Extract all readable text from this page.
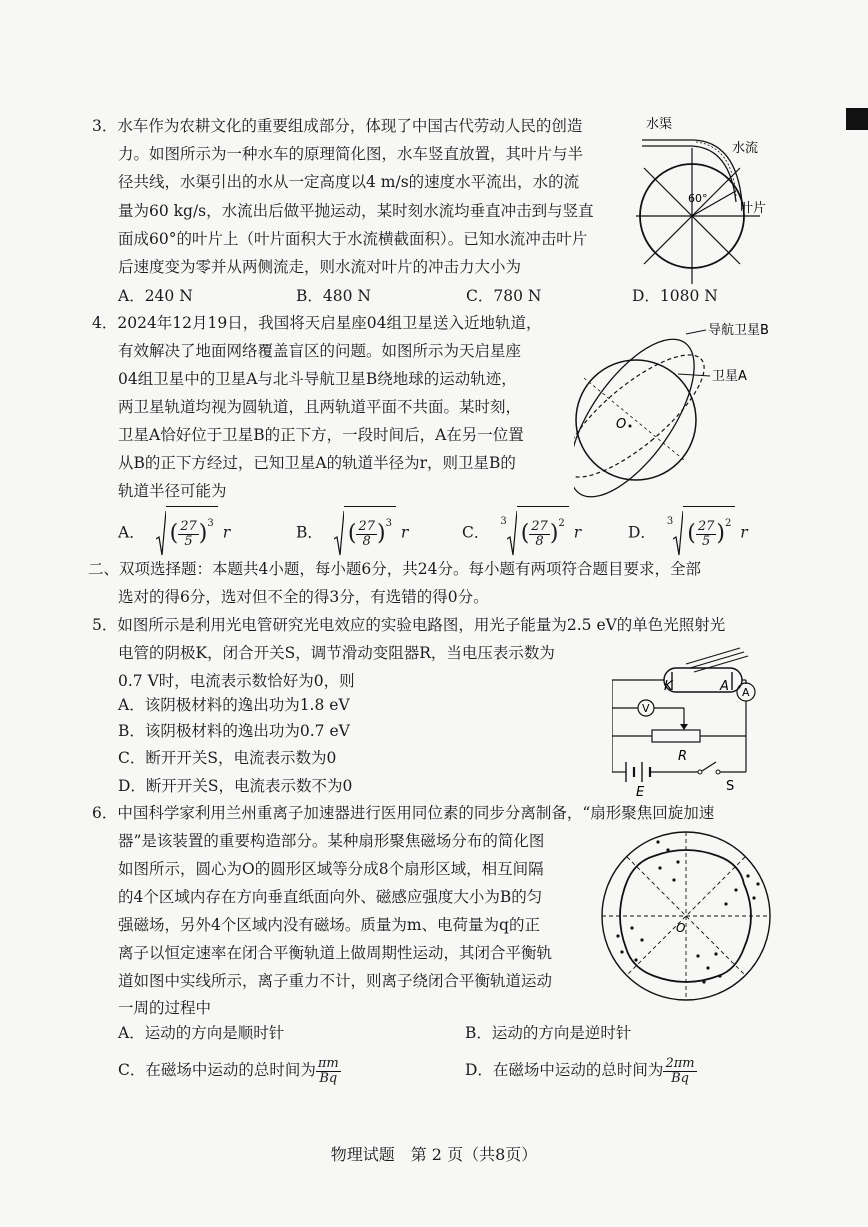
3．水车作为农耕文化的重要组成部分，体现了中国古代劳动人民的创造
力。如图所示为一种水车的原理简化图，水车竖直放置，其叶片与半
径共线，水渠引出的水从一定高度以4 m/s的速度水平流出，水的流
量为60 kg/s，水流出后做平抛运动，某时刻水流均垂直冲击到与竖直
面成60°的叶片上（叶片面积大于水流横截面积）。已知水流冲击叶片
后速度变为零并从两侧流走，则水流对叶片的冲击力大小为
A．240 N	B．480 N	C．780 N	D．1080 N
水渠
水流
60°
叶片
4．2024年12月19日，我国将天启星座04组卫星送入近地轨道，
有效解决了地面网络覆盖盲区的问题。如图所示为天启星座
04组卫星中的卫星A与北斗导航卫星B绕地球的运动轨迹，
两卫星轨道均视为圆轨道，且两轨道平面不共面。某时刻，
卫星A恰好位于卫星B的正下方，一段时间后，A在另一位置
从B的正下方经过，已知卫星A的轨道半径为r，则卫星B的
轨道半径可能为
A． ( $\frac{27}{5} )^3$ r	B． ( $\frac{27}{8} )^3$ r	C． $^3$ ( $\frac{27}{8} )^2$ r	D． $^3$ ( $\frac{27}{5} )^2$ r
导航卫星B
卫星A
O
二、双项选择题：本题共4小题，每小题6分，共24分。每小题有两项符合题目要求，全部
选对的得6分，选对但不全的得3分，有选错的得0分。
5．如图所示是利用光电管研究光电效应的实验电路图，用光子能量为2.5 eV的单色光照射光
电管的阴极K，闭合开关S，调节滑动变阻器R，当电压表示数为
0.7 V时，电流表示数恰好为0，则
A．该阴极材料的逸出功为1.8 eV
B．该阴极材料的逸出功为0.7 eV
C．断开开关S，电流表示数为0
D．断开开关S，电流表示数不为0
K	A A
V
R
E	S
6．中国科学家利用兰州重离子加速器进行医用同位素的同步分离制备，“扇形聚焦回旋加速
器”是该装置的重要构造部分。某种扇形聚焦磁场分布的简化图
如图所示，圆心为O的圆形区域等分成8个扇形区域，相互间隔
的4个区域内存在方向垂直纸面向外、磁感应强度大小为B的匀
强磁场，另外4个区域内没有磁场。质量为m、电荷量为q的正
离子以恒定速率在闭合平衡轨道上做周期性运动，其闭合平衡轨
道如图中实线所示，离子重力不计，则离子绕闭合平衡轨道运动
一周的过程中
A．运动的方向是顺时针	B．运动的方向是逆时针
C．在磁场中运动的总时间为 $\frac{\pi m}{Bq}$	D．在磁场中运动的总时间为 $\frac{2\pi m}{Bq}$
O
物理试题　第 2 页（共8页）
